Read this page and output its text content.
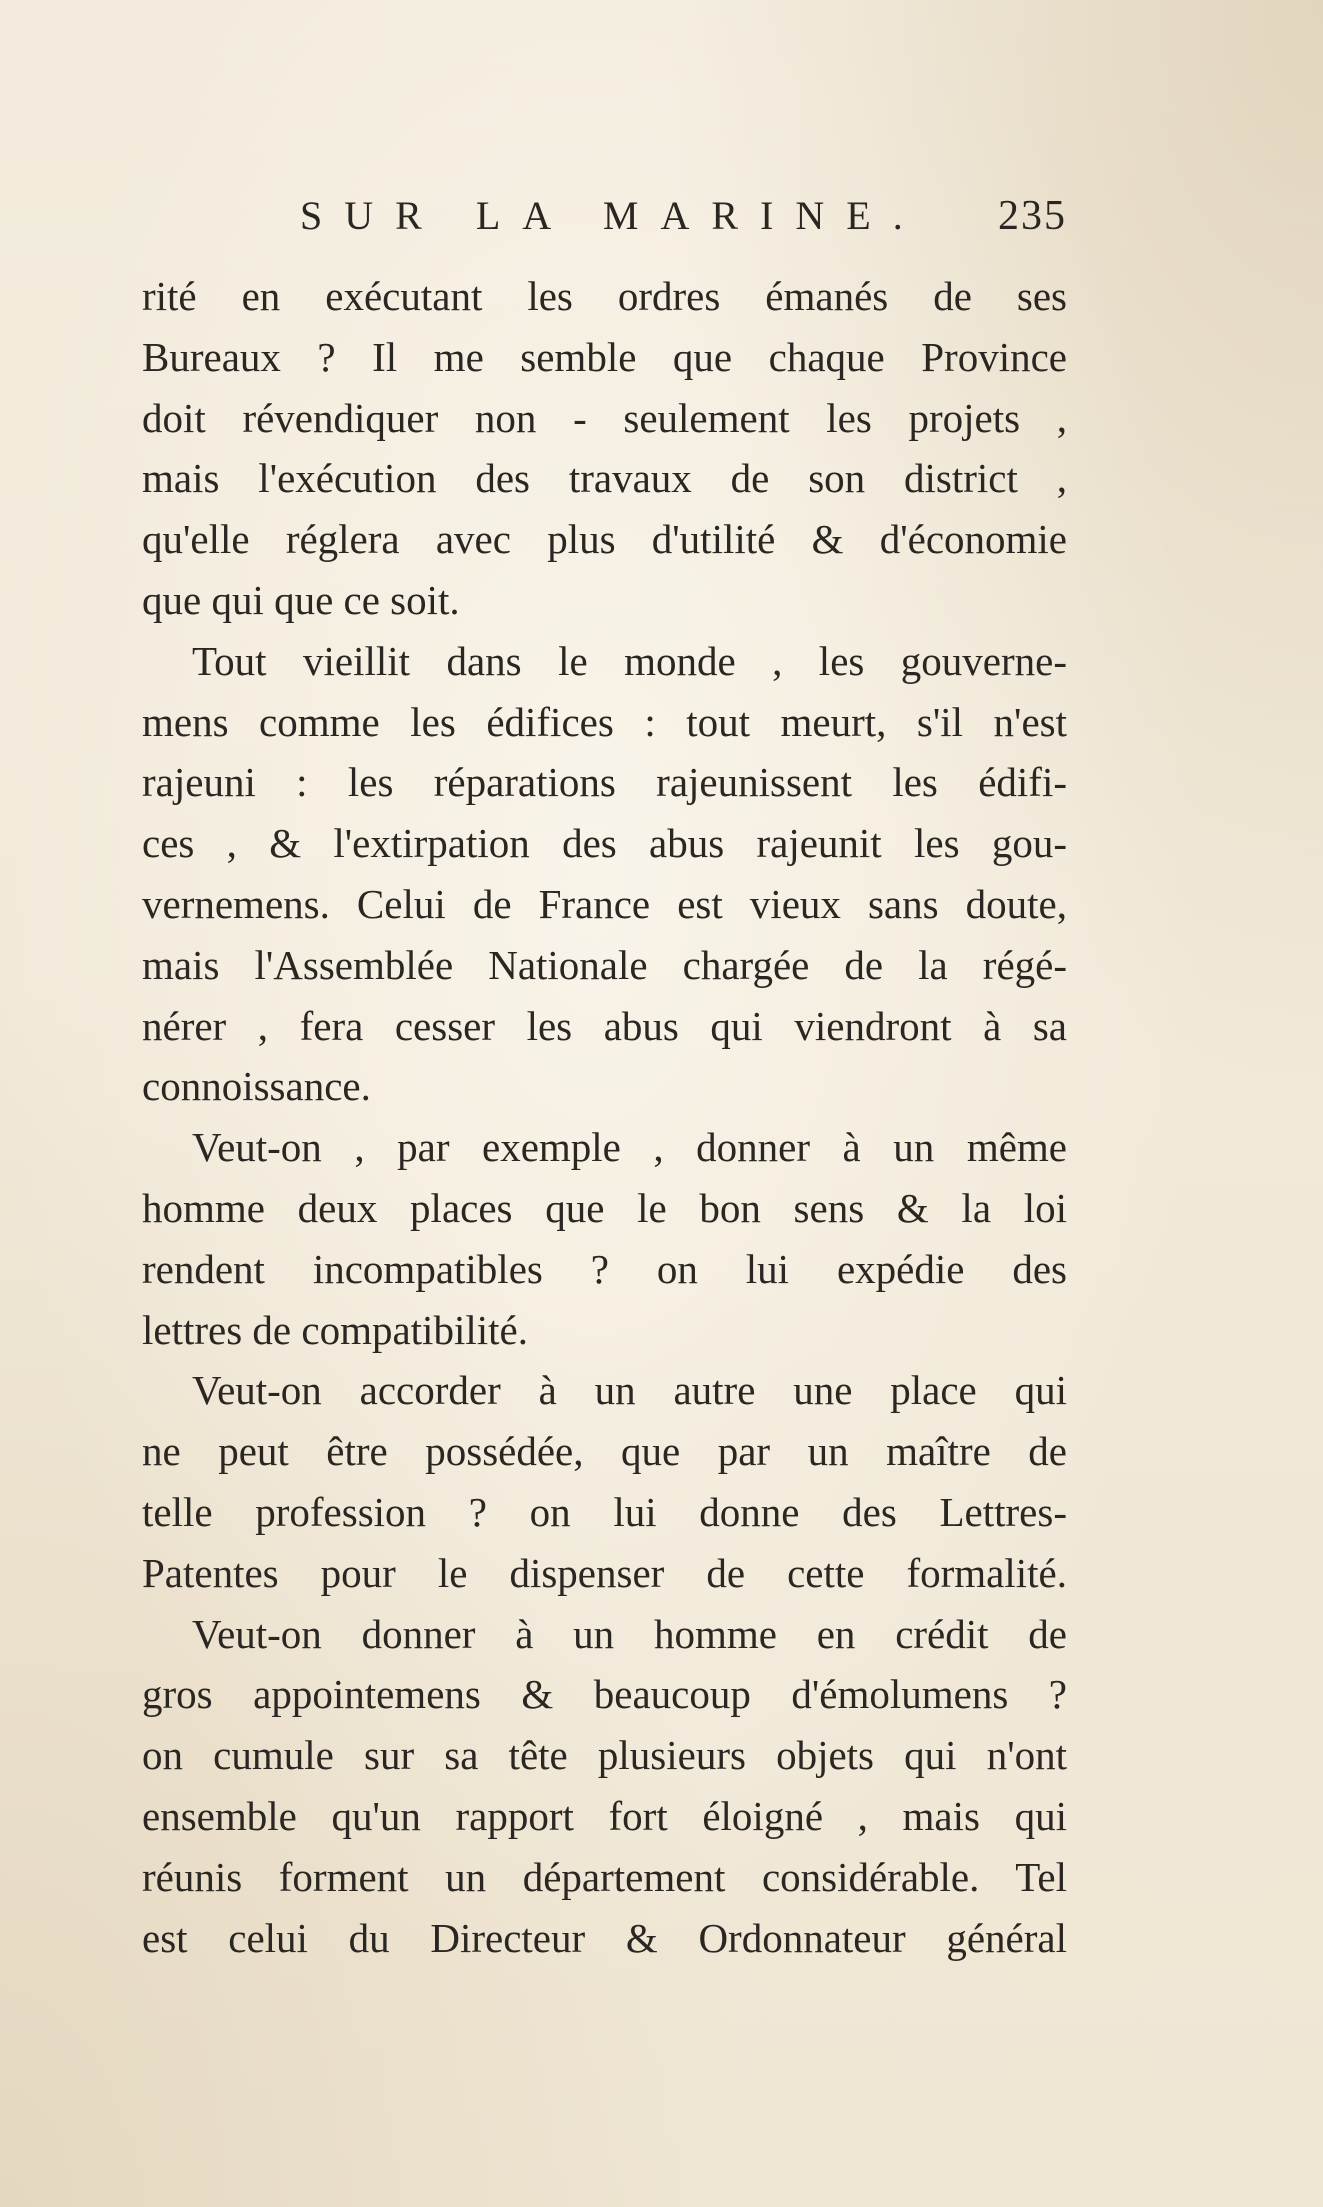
SUR LA MARINE. 235
rité en exécutant les ordres émanés de ses
Bureaux ? Il me semble que chaque Province
doit révendiquer non - seulement les projets ,
mais l'exécution des travaux de son district ,
qu'elle réglera avec plus d'utilité & d'économie
que qui que ce soit.
Tout vieillit dans le monde , les gouverne-
mens comme les édifices : tout meurt, s'il n'est
rajeuni : les réparations rajeunissent les édifi-
ces , & l'extirpation des abus rajeunit les gou-
vernemens. Celui de France est vieux sans doute,
mais l'Assemblée Nationale chargée de la régé-
nérer , fera cesser les abus qui viendront à sa
connoissance.
Veut-on , par exemple , donner à un même
homme deux places que le bon sens & la loi
rendent incompatibles ? on lui expédie des
lettres de compatibilité.
Veut-on accorder à un autre une place qui
ne peut être possédée, que par un maître de
telle profession ? on lui donne des Lettres-
Patentes pour le dispenser de cette formalité.
Veut-on donner à un homme en crédit de
gros appointemens & beaucoup d'émolumens ?
on cumule sur sa tête plusieurs objets qui n'ont
ensemble qu'un rapport fort éloigné , mais qui
réunis forment un département considérable. Tel
est celui du Directeur & Ordonnateur général
